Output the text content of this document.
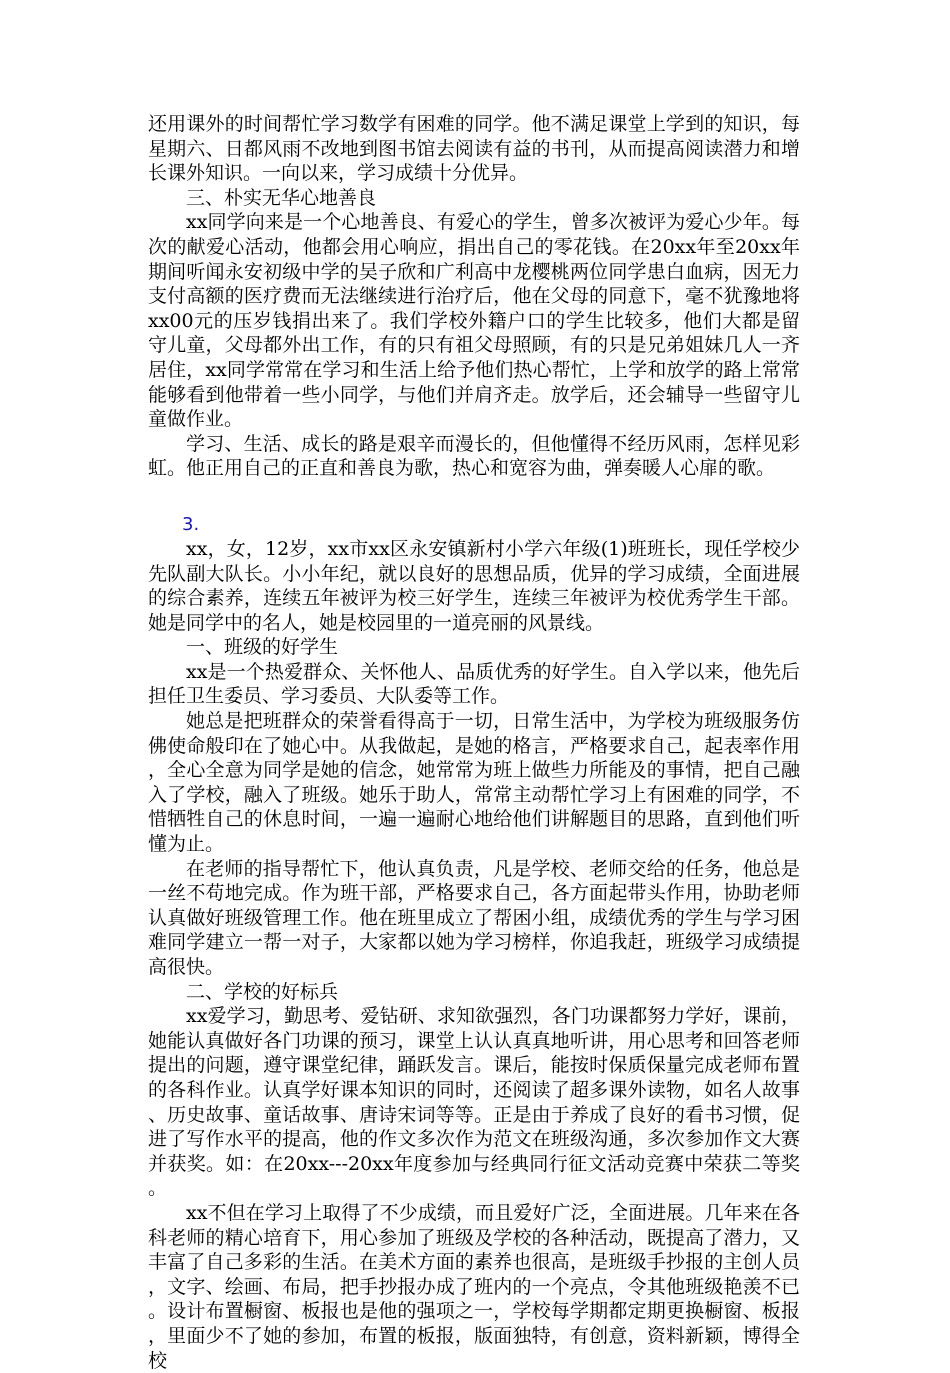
还用课外的时间帮忙学习数学有困难的同学。他不满足课堂上学到的知识，每星期六、日都风雨不改地到图书馆去阅读有益的书刊，从而提高阅读潜力和增长课外知识。一向以来，学习成绩十分优异。

三、朴实无华心地善良

xx同学向来是一个心地善良、有爱心的学生，曾多次被评为爱心少年。每次的献爱心活动，他都会用心响应，捐出自己的零花钱。在20xx年至20xx年期间听闻永安初级中学的吴子欣和广利高中龙樱桃两位同学患白血病，因无力支付高额的医疗费而无法继续进行治疗后，他在父母的同意下，毫不犹豫地将xx00元的压岁钱捐出来了。我们学校外籍户口的学生比较多，他们大都是留守儿童，父母都外出工作，有的只有祖父母照顾，有的只是兄弟姐妹几人一齐居住，xx同学常常在学习和生活上给予他们热心帮忙，上学和放学的路上常常能够看到他带着一些小同学，与他们并肩齐走。放学后，还会辅导一些留守儿童做作业。

学习、生活、成长的路是艰辛而漫长的，但他懂得不经历风雨，怎样见彩虹。他正用自己的正直和善良为歌，热心和宽容为曲，弹奏暖人心扉的歌。

3.

xx，女，12岁，xx市xx区永安镇新村小学六年级(1)班班长，现任学校少先队副大队长。小小年纪，就以良好的思想品质，优异的学习成绩，全面进展的综合素养，连续五年被评为校三好学生，连续三年被评为校优秀学生干部。她是同学中的名人，她是校园里的一道亮丽的风景线。

一、班级的好学生

xx是一个热爱群众、关怀他人、品质优秀的好学生。自入学以来，他先后担任卫生委员、学习委员、大队委等工作。

她总是把班群众的荣誉看得高于一切，日常生活中，为学校为班级服务仿佛使命般印在了她心中。从我做起，是她的格言，严格要求自己，起表率作用，全心全意为同学是她的信念，她常常为班上做些力所能及的事情，把自己融入了学校，融入了班级。她乐于助人，常常主动帮忙学习上有困难的同学，不惜牺牲自己的休息时间，一遍一遍耐心地给他们讲解题目的思路，直到他们听懂为止。

在老师的指导帮忙下，他认真负责，凡是学校、老师交给的任务，他总是一丝不苟地完成。作为班干部，严格要求自己，各方面起带头作用，协助老师认真做好班级管理工作。他在班里成立了帮困小组，成绩优秀的学生与学习困难同学建立一帮一对子，大家都以她为学习榜样，你追我赶，班级学习成绩提高很快。

二、学校的好标兵

xx爱学习，勤思考、爱钻研、求知欲强烈，各门功课都努力学好，课前，她能认真做好各门功课的预习，课堂上认认真真地听讲，用心思考和回答老师提出的问题，遵守课堂纪律，踊跃发言。课后，能按时保质保量完成老师布置的各科作业。认真学好课本知识的同时，还阅读了超多课外读物，如名人故事、历史故事、童话故事、唐诗宋词等等。正是由于养成了良好的看书习惯，促进了写作水平的提高，他的作文多次作为范文在班级沟通，多次参加作文大赛并获奖。如：在20xx---20xx年度参加与经典同行征文活动竞赛中荣获二等奖。

xx不但在学习上取得了不少成绩，而且爱好广泛，全面进展。几年来在各科老师的精心培育下，用心参加了班级及学校的各种活动，既提高了潜力，又丰富了自己多彩的生活。在美术方面的素养也很高，是班级手抄报的主创人员，文字、绘画、布局，把手抄报办成了班内的一个亮点，令其他班级艳羡不已。设计布置橱窗、板报也是他的强项之一，学校每学期都定期更换橱窗、板报，里面少不了她的参加，布置的板报，版面独特，有创意，资料新颖，博得全校
